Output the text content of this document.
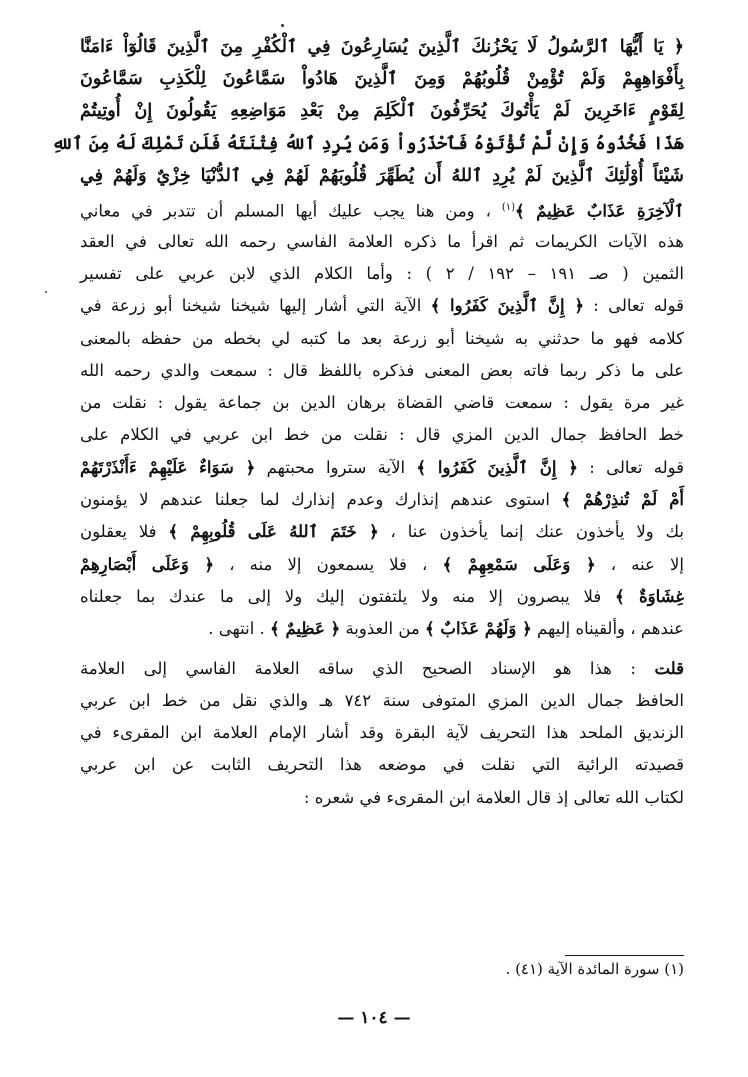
﴿ يَا أَيُّهَا ٱلرَّسُولُ لَا يَحْزُنكَ ٱلَّذِينَ يُسَارِعُونَ فِي ٱلْكُفْرِ مِنَ ٱلَّذِينَ قَالُوٓاْ ءَامَنَّا
بِأَفْوَاهِهِمْ وَلَمْ تُؤْمِنْ قُلُوبُهُمْ وَمِنَ ٱلَّذِينَ هَادُواْ سَمَّاعُونَ لِلْكَذِبِ سَمَّاعُونَ
لِقَوْمٍ ءَاخَرِينَ لَمْ يَأْتُوكَ يُحَرِّفُونَ ٱلْكَلِمَ مِنْ بَعْدِ مَوَاضِعِهِ يَقُولُونَ إِنْ أُوتِيتُمْ
هَذَا فَخُذُوهُ وَإِنْ لَّمْ تُؤْتَوْهُ فَٱحْذَرُواْ وَمَن يُرِدِ ٱللهُ فِتْنَتَهُ فَلَن تَمْلِكَ لَهُ مِنَ ٱللهِ
شَيْئاً أُوْلَٰئِكَ ٱلَّذِينَ لَمْ يُرِدِ ٱللهُ أَن يُطَهِّرَ قُلُوبَهُمْ لَهُمْ فِي ٱلدُّنْيَا خِزْيٌ وَلَهُمْ فِي
ٱلْآخِرَةِ عَذَابٌ عَظِيمٌ ﴾$^{(١)}$ ، ومن هنا يجب عليك أيها المسلم أن تتدبر في معاني
هذه الآيات الكريمات ثم اقرأ ما ذكره العلامة الفاسي رحمه الله تعالى في العقد
الثمين ( صـ ١٩١ – ١٩٢ / ٢ ) : وأما الكلام الذي لابن عربي على تفسير
قوله تعالى : ﴿ إِنَّ ٱلَّذِينَ كَفَرُوا ﴾ الآية التي أشار إليها شيخنا شيخنا أبو زرعة في
كلامه فهو ما حدثني به شيخنا أبو زرعة بعد ما كتبه لي بخطه من حفظه بالمعنى
على ما ذكر ربما فاته بعض المعنى فذكره باللفظ قال : سمعت والدي رحمه الله
غير مرة يقول : سمعت قاضي القضاة برهان الدين بن جماعة يقول : نقلت من
خط الحافظ جمال الدين المزي قال : نقلت من خط ابن عربي في الكلام على
قوله تعالى : ﴿ إِنَّ ٱلَّذِينَ كَفَرُوا ﴾ الآية ستروا محبتهم ﴿ سَوَاءٌ عَلَيْهِمْ ءَأَنْذَرْتَهُمْ
أَمْ لَمْ تُنذِرْهُمْ ﴾ استوى عندهم إنذارك وعدم إنذارك لما جعلنا عندهم لا يؤمنون
بك ولا يأخذون عنك إنما يأخذون عنا ، ﴿ خَتَمَ ٱللهُ عَلَى قُلُوبِهِمْ ﴾ فلا يعقلون
إلا عنه ، ﴿ وَعَلَى سَمْعِهِمْ ﴾ ، فلا يسمعون إلا منه ، ﴿ وَعَلَى أَبْصَارِهِمْ
غِشَاوَةٌ ﴾ فلا يبصرون إلا منه ولا يلتفتون إليك ولا إلى ما عندك بما جعلناه
عندهم ، وألقيناه إليهم ﴿ وَلَهُمْ عَذَابٌ ﴾ من العذوبة ﴿ عَظِيمٌ ﴾ . انتهى .
قلت : هذا هو الإسناد الصحيح الذي ساقه العلامة الفاسي إلى العلامة
الحافظ جمال الدين المزي المتوفى سنة ٧٤٢ هـ والذي نقل من خط ابن عربي
الزنديق الملحد هذا التحريف لآية البقرة وقد أشار الإمام العلامة ابن المقرىء في
قصيدته الرائية التي نقلت في موضعه هذا التحريف الثابت عن ابن عربي
لكتاب الله تعالى إذ قال العلامة ابن المقرىء في شعره :
(١) سورة المائدة الآية (٤١) .
— ١٠٤ —
